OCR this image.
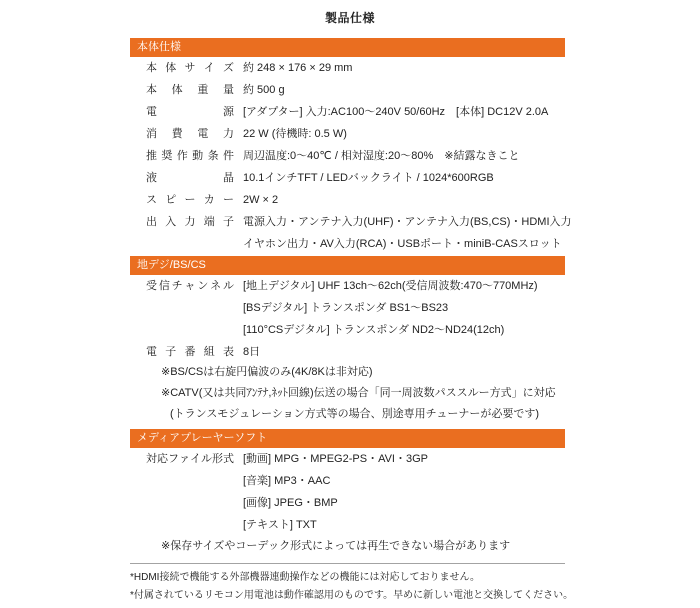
製品仕様
本体仕様
本 体 サ イ ズ 約 248 × 176 × 29 mm
本 体 重 量 約 500 g
電	源 [アダプター] 入力:AC100～240V 50/60Hz　[本体] DC12V 2.0A
消 費 電 力 22 W (待機時: 0.5 W)
推 奨 作 動 条 件 周辺温度:0～40℃ / 相対湿度:20～80%　※結露なきこと
液	晶 10.1インチTFT / LEDバックライト / 1024*600RGB
ス ピ ー カ ー 2W × 2
出 入 力 端 子 電源入力・アンテナ入力(UHF)・アンテナ入力(BS,CS)・HDMI入力
イヤホン出力・AV入力(RCA)・USBポート・miniB-CASスロット
地デジ/BS/CS
受 信 チ ャ ン ネ ル [地上デジタル] UHF 13ch～62ch(受信周波数:470～770MHz)
[BSデジタル] トランスポンダ BS1～BS23
[110°CSデジタル] トランスポンダ ND2～ND24(12ch)
電 子 番 組 表 8日
※BS/CSは右旋円偏波のみ(4K/8Kは非対応)
※CATV(又は共同ｱﾝﾃﾅ,ﾈｯﾄ回線)伝送の場合「同一周波数パススルー方式」に対応
(トランスモジュレーション方式等の場合、別途専用チューナーが必要です)
メディアプレーヤーソフト
対 応 フ ァ イ ル 形 式 [動画] MPG・MPEG2-PS・AVI・3GP
[音楽] MP3・AAC
[画像] JPEG・BMP
[テキスト] TXT
※保存サイズやコーデック形式によっては再生できない場合があります
*HDMI接続で機能する外部機器連動操作などの機能には対応しておりません。
*付属されているリモコン用電池は動作確認用のものです。早めに新しい電池と交換してください。
